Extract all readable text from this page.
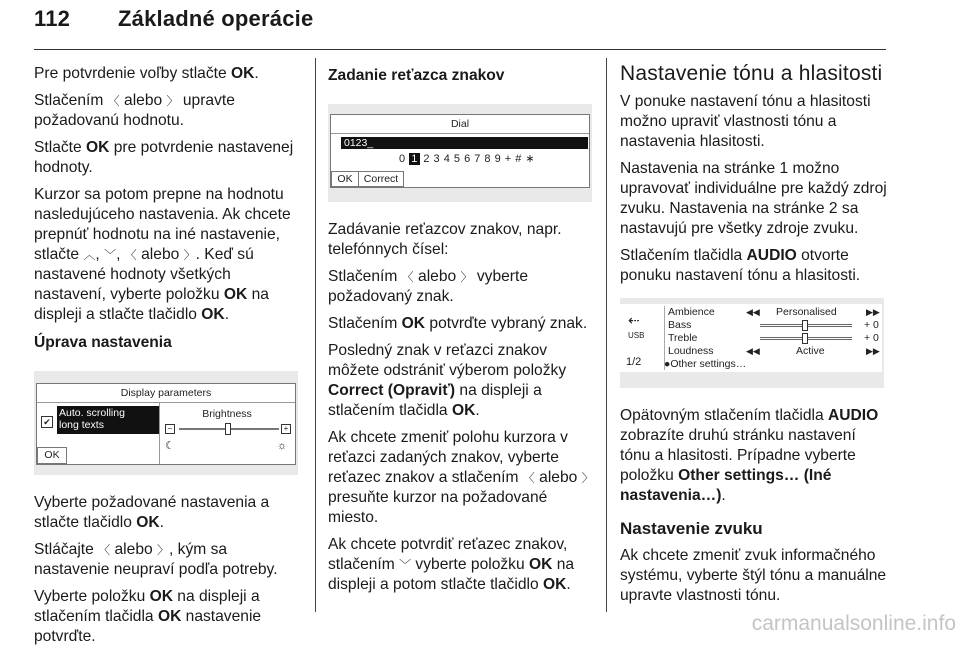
112 Základné operácie

Pre potvrdenie voľby stlačte OK.

Stlačením 〈 alebo 〉 upravte požadovanú hodnotu.

Stlačte OK pre potvrdenie nastavenej hodnoty.

Kurzor sa potom prepne na hodnotu nasledujúceho nastavenia. Ak chcete prepnúť hodnotu na iné nastavenie, stlačte ︿, ﹀, 〈 alebo 〉. Keď sú nastavené hodnoty všetkých nastavení, vyberte položku OK na displeji a stlačte tlačidlo OK.

Úprava nastavenia

Display parameters
✔
Auto. scrolling
long texts
Brightness
−	+
☾	☼
OK

Vyberte požadované nastavenia a stlačte tlačidlo OK.

Stláčajte 〈 alebo 〉, kým sa nastavenie neupraví podľa potreby.

Vyberte položku OK na displeji a stlačením tlačidla OK nastavenie potvrďte.

Zadanie reťazca znakov

Dial
0123_
0 1 2 3 4 5 6 7 8 9 + # ∗
OK	Correct

Zadávanie reťazcov znakov, napr. telefónnych čísel:

Stlačením 〈 alebo 〉 vyberte požadovaný znak.

Stlačením OK potvrďte vybraný znak.

Posledný znak v reťazci znakov môžete odstrániť výberom položky Correct (Opraviť) na displeji a stlačením tlačidla OK.

Ak chcete zmeniť polohu kurzora v reťazci zadaných znakov, vyberte reťazec znakov a stlačením 〈 alebo 〉 presuňte kurzor na požadované miesto.

Ak chcete potvrdiť reťazec znakov, stlačením ﹀ vyberte položku OK na displeji a potom stlačte tlačidlo OK.

Nastavenie tónu a hlasitosti

V ponuke nastavení tónu a hlasitosti možno upraviť vlastnosti tónu a nastavenia hlasitosti.

Nastavenia na stránke 1 možno upravovať individuálne pre každý zdroj zvuku. Nastavenia na stránke 2 sa nastavujú pre všetky zdroje zvuku.

Stlačením tlačidla AUDIO otvorte ponuku nastavení tónu a hlasitosti.

⇠
USB
1/2
Ambience	◀◀ Personalised	▶▶
Bass	+ 0
Treble	+ 0
Loudness	◀◀	Active	▶▶
●Other settings…

Opätovným stlačením tlačidla AUDIO zobrazíte druhú stránku nastavení tónu a hlasitosti. Prípadne vyberte položku Other settings… (Iné nastavenia…).

Nastavenie zvuku

Ak chcete zmeniť zvuk informačného systému, vyberte štýl tónu a manuálne upravte vlastnosti tónu.

carmanualsonline.info
